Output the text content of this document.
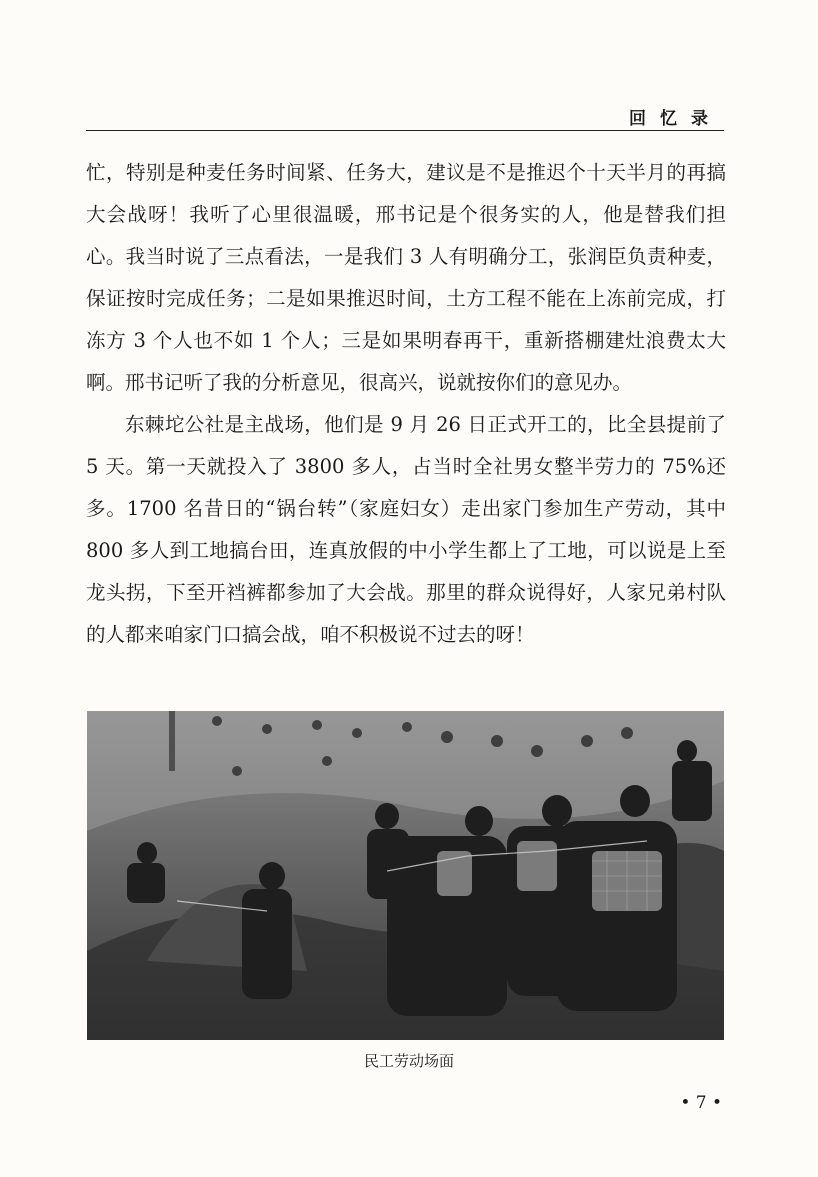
回忆录

忙，特别是种麦任务时间紧、任务大，建议是不是推迟个十天半月的再搞大会战呀！我听了心里很温暖，邢书记是个很务实的人，他是替我们担心。我当时说了三点看法，一是我们 3 人有明确分工，张润臣负责种麦，保证按时完成任务；二是如果推迟时间，土方工程不能在上冻前完成，打冻方 3 个人也不如 1 个人；三是如果明春再干，重新搭棚建灶浪费太大啊。邢书记听了我的分析意见，很高兴，说就按你们的意见办。

东棘坨公社是主战场，他们是 9 月 26 日正式开工的，比全县提前了 5 天。第一天就投入了 3800 多人，占当时全社男女整半劳力的 75%还多。1700 名昔日的“锅台转”（家庭妇女）走出家门参加生产劳动，其中 800 多人到工地搞台田，连真放假的中小学生都上了工地，可以说是上至龙头拐，下至开裆裤都参加了大会战。那里的群众说得好，人家兄弟村队的人都来咱家门口搞会战，咱不积极说不过去的呀！

民工劳动场面
• 7 •
